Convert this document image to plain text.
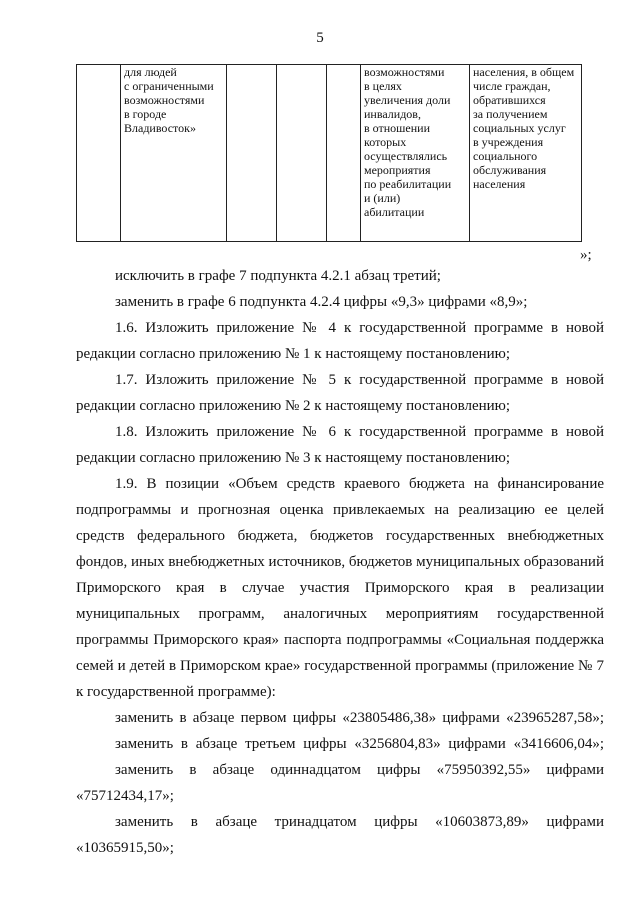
5
	для людей
с ограниченными
возможностями
в городе
Владивосток»				возможностями
в целях
увеличения доли
инвалидов,
в отношении
которых
осуществлялись
мероприятия
по реабилитации
и (или)
абилитации	населения, в общем
числе граждан,
обратившихся
за получением
социальных услуг
в учреждения
социального
обслуживания
населения
»;

исключить в графе 7 подпункта 4.2.1 абзац третий;

заменить в графе 6 подпункта 4.2.4 цифры «9,3» цифрами «8,9»;

1.6. Изложить приложение № 4 к государственной программе в новой редакции согласно приложению № 1 к настоящему постановлению;

1.7. Изложить приложение № 5 к государственной программе в новой редакции согласно приложению № 2 к настоящему постановлению;

1.8. Изложить приложение № 6 к государственной программе в новой редакции согласно приложению № 3 к настоящему постановлению;

1.9. В позиции «Объем средств краевого бюджета на финансирование подпрограммы и прогнозная оценка привлекаемых на реализацию ее целей средств федерального бюджета, бюджетов государственных внебюджетных фондов, иных внебюджетных источников, бюджетов муниципальных образований Приморского края в случае участия Приморского края в реализации муниципальных программ, аналогичных мероприятиям государственной программы Приморского края» паспорта подпрограммы «Социальная поддержка семей и детей в Приморском крае» государственной программы (приложение № 7 к государственной программе):

заменить в абзаце первом цифры «23805486,38» цифрами «23965287,58»;

заменить в абзаце третьем цифры «3256804,83» цифрами «3416606,04»;

заменить в абзаце одиннадцатом цифры «75950392,55» цифрами «75712434,17»;

заменить в абзаце тринадцатом цифры «10603873,89» цифрами «10365915,50»;
